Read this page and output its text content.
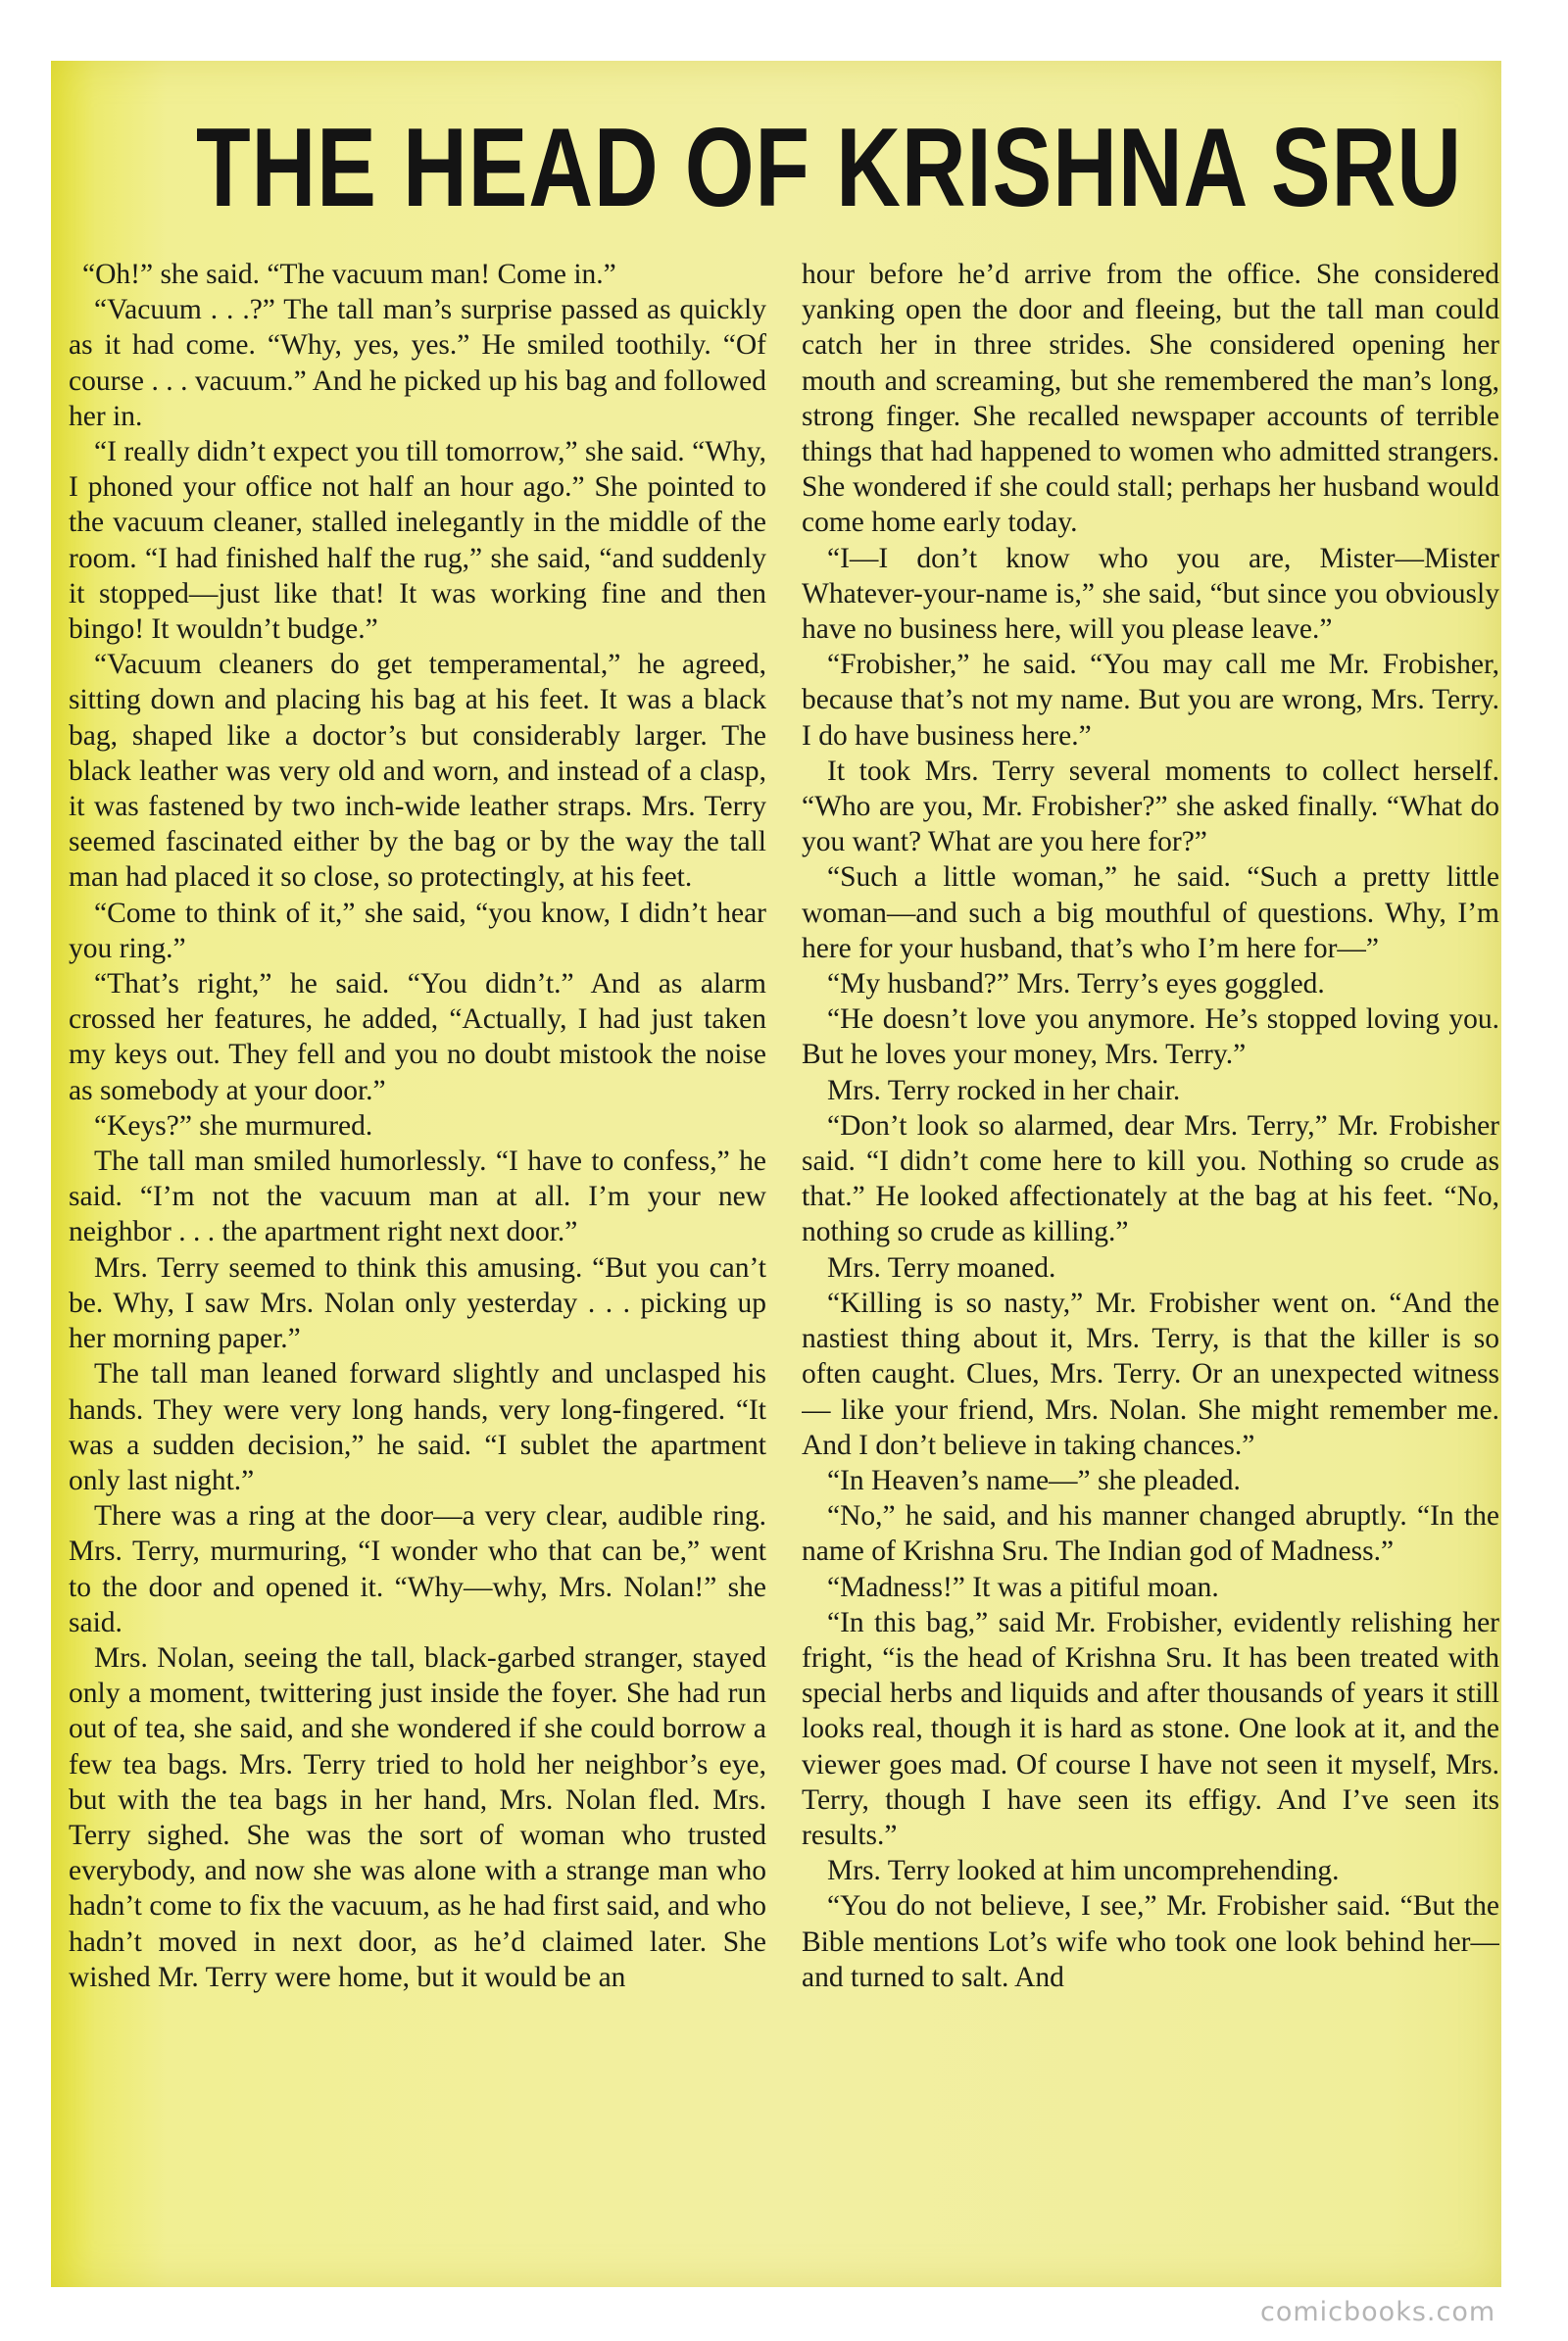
THE HEAD OF KRISHNA SRU

“Oh!” she said. “The vacuum man! Come in.”

“Vacuum . . .?” The tall man’s surprise passed as quickly as it had come. “Why, yes, yes.” He smiled toothily. “Of course . . . vacuum.” And he picked up his bag and followed her in.

“I really didn’t expect you till tomorrow,” she said. “Why, I phoned your office not half an hour ago.” She pointed to the vacuum cleaner, stalled inelegantly in the middle of the room. “I had finished half the rug,” she said, “and suddenly it stopped—just like that! It was working fine and then bingo! It wouldn’t budge.”

“Vacuum cleaners do get temperamental,” he agreed, sitting down and placing his bag at his feet. It was a black bag, shaped like a doctor’s but considerably larger. The black leather was very old and worn, and instead of a clasp, it was fastened by two inch-wide leather straps. Mrs. Terry seemed fascinated either by the bag or by the way the tall man had placed it so close, so protectingly, at his feet.

“Come to think of it,” she said, “you know, I didn’t hear you ring.”

“That’s right,” he said. “You didn’t.” And as alarm crossed her features, he added, “Actually, I had just taken my keys out. They fell and you no doubt mistook the noise as somebody at your door.”

“Keys?” she murmured.

The tall man smiled humorlessly. “I have to confess,” he said. “I’m not the vacuum man at all. I’m your new neighbor . . . the apartment right next door.”

Mrs. Terry seemed to think this amusing. “But you can’t be. Why, I saw Mrs. Nolan only yesterday . . . picking up her morning paper.”

The tall man leaned forward slightly and unclasped his hands. They were very long hands, very long-fingered. “It was a sudden decision,” he said. “I sublet the apartment only last night.”

There was a ring at the door—a very clear, audible ring. Mrs. Terry, murmuring, “I wonder who that can be,” went to the door and opened it. “Why—why, Mrs. Nolan!” she said.

Mrs. Nolan, seeing the tall, black-garbed stranger, stayed only a moment, twittering just inside the foyer. She had run out of tea, she said, and she wondered if she could borrow a few tea bags. Mrs. Terry tried to hold her neighbor’s eye, but with the tea bags in her hand, Mrs. Nolan fled. Mrs. Terry sighed. She was the sort of woman who trusted everybody, and now she was alone with a strange man who hadn’t come to fix the vacuum, as he had first said, and who hadn’t moved in next door, as he’d claimed later. She wished Mr. Terry were home, but it would be an

hour before he’d arrive from the office. She considered yanking open the door and fleeing, but the tall man could catch her in three strides. She considered opening her mouth and screaming, but she remembered the man’s long, strong finger. She recalled newspaper accounts of terrible things that had happened to women who admitted strangers. She wondered if she could stall; perhaps her husband would come home early today.

“I—I don’t know who you are, Mister—Mister Whatever-your-name is,” she said, “but since you obviously have no business here, will you please leave.”

“Frobisher,” he said. “You may call me Mr. Frobisher, because that’s not my name. But you are wrong, Mrs. Terry. I do have business here.”

It took Mrs. Terry several moments to collect herself. “Who are you, Mr. Frobisher?” she asked finally. “What do you want? What are you here for?”

“Such a little woman,” he said. “Such a pretty little woman—and such a big mouthful of questions. Why, I’m here for your husband, that’s who I’m here for—”

“My husband?” Mrs. Terry’s eyes goggled.

“He doesn’t love you anymore. He’s stopped loving you. But he loves your money, Mrs. Terry.”

Mrs. Terry rocked in her chair.

“Don’t look so alarmed, dear Mrs. Terry,” Mr. Frobisher said. “I didn’t come here to kill you. Nothing so crude as that.” He looked affectionately at the bag at his feet. “No, nothing so crude as killing.”

Mrs. Terry moaned.

“Killing is so nasty,” Mr. Frobisher went on. “And the nastiest thing about it, Mrs. Terry, is that the killer is so often caught. Clues, Mrs. Terry. Or an unexpected witness — like your friend, Mrs. Nolan. She might remember me. And I don’t believe in taking chances.”

“In Heaven’s name—” she pleaded.

“No,” he said, and his manner changed abruptly. “In the name of Krishna Sru. The Indian god of Madness.”

“Madness!” It was a pitiful moan.

“In this bag,” said Mr. Frobisher, evidently relishing her fright, “is the head of Krishna Sru. It has been treated with special herbs and liquids and after thousands of years it still looks real, though it is hard as stone. One look at it, and the viewer goes mad. Of course I have not seen it myself, Mrs. Terry, though I have seen its effigy. And I’ve seen its results.”

Mrs. Terry looked at him uncomprehending.

“You do not believe, I see,” Mr. Frobisher said. “But the Bible mentions Lot’s wife who took one look behind her—and turned to salt. And

comicbooks.com
